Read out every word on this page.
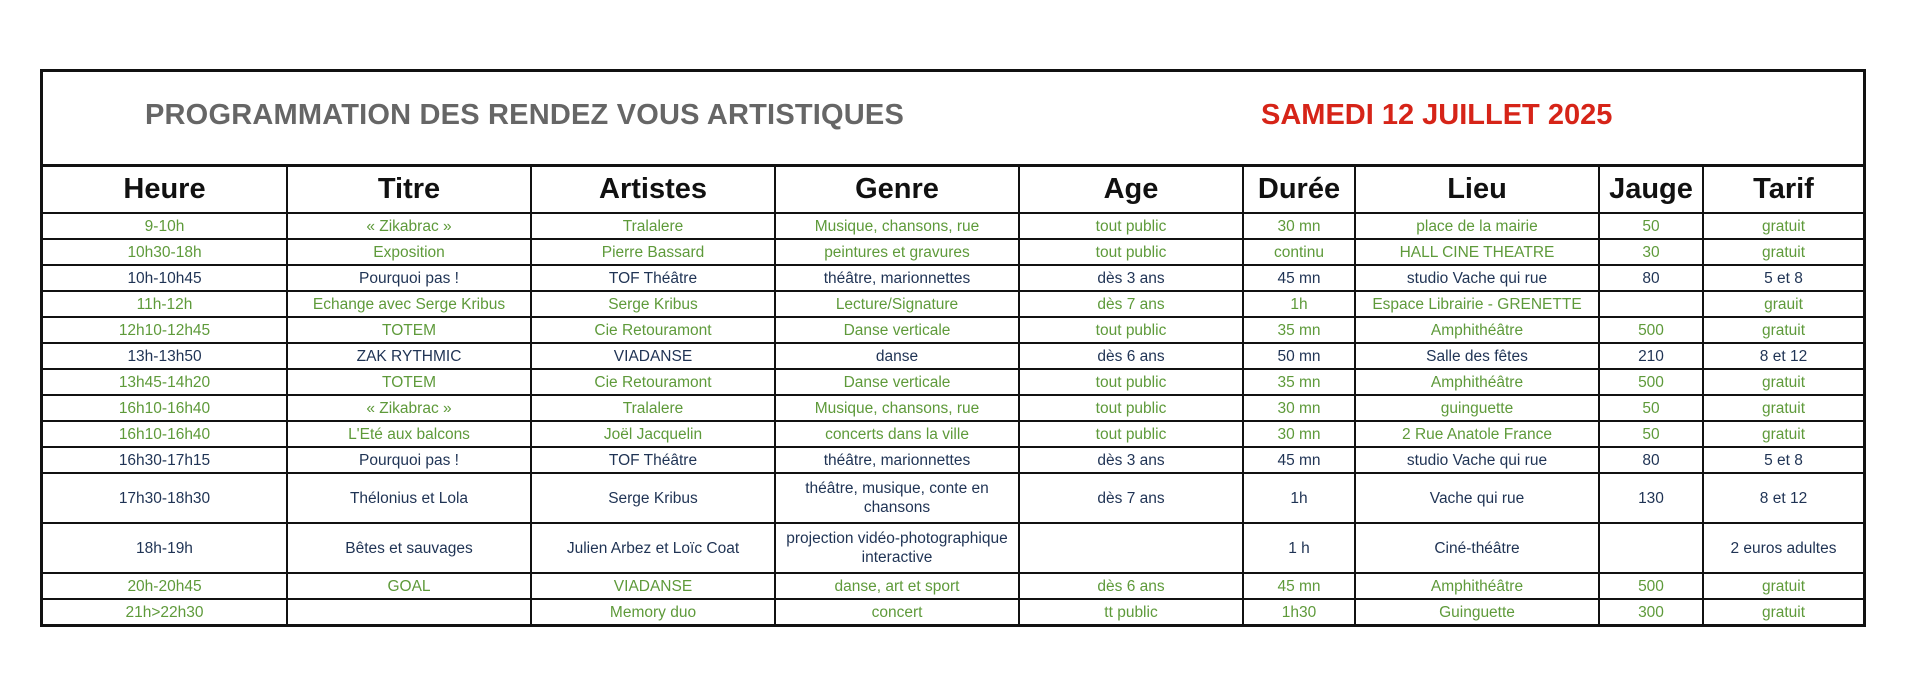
PROGRAMMATION DES RENDEZ VOUS ARTISTIQUES	SAMEDI 12 JUILLET 2025
Heure	Titre	Artistes	Genre	Age	Durée	Lieu	Jauge	Tarif
9-10h	« Zikabrac »	Tralalere	Musique, chansons, rue	tout public	30 mn	place de la mairie	50	gratuit
10h30-18h	Exposition	Pierre Bassard	peintures et gravures	tout public	continu	HALL CINE THEATRE	30	gratuit
10h-10h45	Pourquoi pas !	TOF Théâtre	théâtre, marionnettes	dès 3 ans	45 mn	studio Vache qui rue	80	5 et 8
11h-12h	Echange avec Serge Kribus	Serge Kribus	Lecture/Signature	dès 7 ans	1h	Espace Librairie - GRENETTE		grauit
12h10-12h45	TOTEM	Cie Retouramont	Danse verticale	tout public	35 mn	Amphithéâtre	500	gratuit
13h-13h50	ZAK RYTHMIC	VIADANSE	danse	dès 6 ans	50 mn	Salle des fêtes	210	8 et 12
13h45-14h20	TOTEM	Cie Retouramont	Danse verticale	tout public	35 mn	Amphithéâtre	500	gratuit
16h10-16h40	« Zikabrac »	Tralalere	Musique, chansons, rue	tout public	30 mn	guinguette	50	gratuit
16h10-16h40	L'Eté aux balcons	Joël Jacquelin	concerts dans la ville	tout public	30 mn	2 Rue Anatole France	50	gratuit
16h30-17h15	Pourquoi pas !	TOF Théâtre	théâtre, marionnettes	dès 3 ans	45 mn	studio Vache qui rue	80	5 et 8
17h30-18h30	Thélonius et Lola	Serge Kribus	théâtre, musique, conte en chansons	dès 7 ans	1h	Vache qui rue	130	8 et 12
18h-19h	Bêtes et sauvages	Julien Arbez et Loïc Coat	projection vidéo-photographique interactive		1 h	Ciné-théâtre		2 euros adultes
20h-20h45	GOAL	VIADANSE	danse, art et sport	dès 6 ans	45 mn	Amphithéâtre	500	gratuit
21h>22h30		Memory duo	concert	tt public	1h30	Guinguette	300	gratuit
